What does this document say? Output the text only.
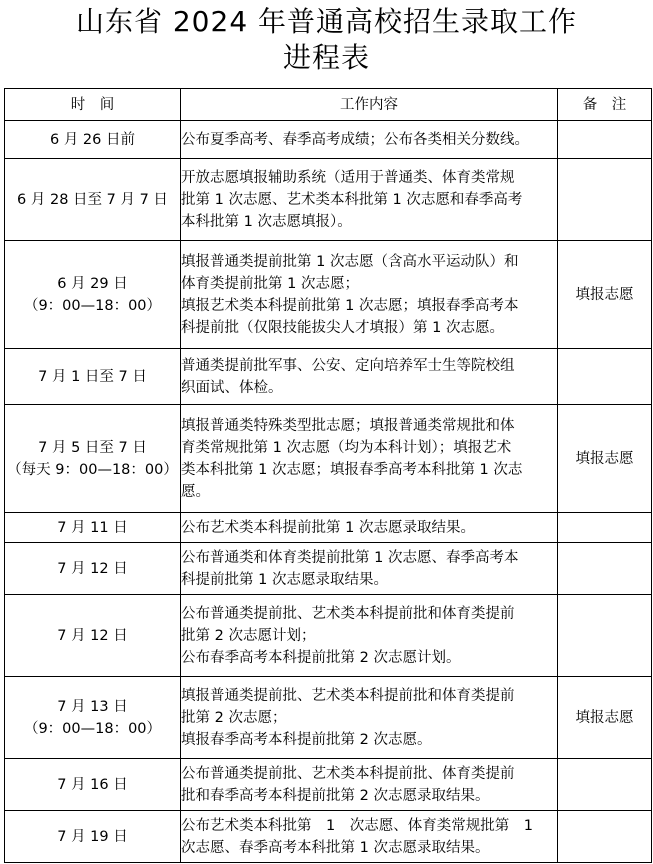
山东省 2024 年普通高校招生录取工作
进程表
时　间	工作内容	备　注

6 月 26 日前	公布夏季高考、春季高考成绩；公布各类相关分数线。	

6 月 28 日至 7 月 7 日	开放志愿填报辅助系统（适用于普通类、体育类常规
批第 1 次志愿、艺术类本科批第 1 次志愿和春季高考
本科批第 1 次志愿填报）。	

6 月 29 日
（9：00—18：00）	填报普通类提前批第 1 次志愿（含高水平运动队）和
体育类提前批第 1 次志愿；
填报艺术类本科提前批第 1 次志愿；填报春季高考本
科提前批（仅限技能拔尖人才填报）第 1 次志愿。	填报志愿

7 月 1 日至 7 日	普通类提前批军事、公安、定向培养军士生等院校组
织面试、体检。	

7 月 5 日至 7 日
（每天 9：00—18：00）	填报普通类特殊类型批志愿；填报普通类常规批和体
育类常规批第 1 次志愿（均为本科计划）；填报艺术
类本科批第 1 次志愿；填报春季高考本科批第 1 次志
愿。	填报志愿

7 月 11 日	公布艺术类本科提前批第 1 次志愿录取结果。	

7 月 12 日	公布普通类和体育类提前批第 1 次志愿、春季高考本
科提前批第 1 次志愿录取结果。	

7 月 12 日	公布普通类提前批、艺术类本科提前批和体育类提前
批第 2 次志愿计划；
公布春季高考本科提前批第 2 次志愿计划。	

7 月 13 日
（9：00—18：00）	填报普通类提前批、艺术类本科提前批和体育类提前
批第 2 次志愿；
填报春季高考本科提前批第 2 次志愿。	填报志愿

7 月 16 日	公布普通类提前批、艺术类本科提前批、体育类提前
批和春季高考本科提前批第 2 次志愿录取结果。	

7 月 19 日	公布艺术类本科批第　1　次志愿、体育类常规批第　1
次志愿、春季高考本科批第 1 次志愿录取结果。	
